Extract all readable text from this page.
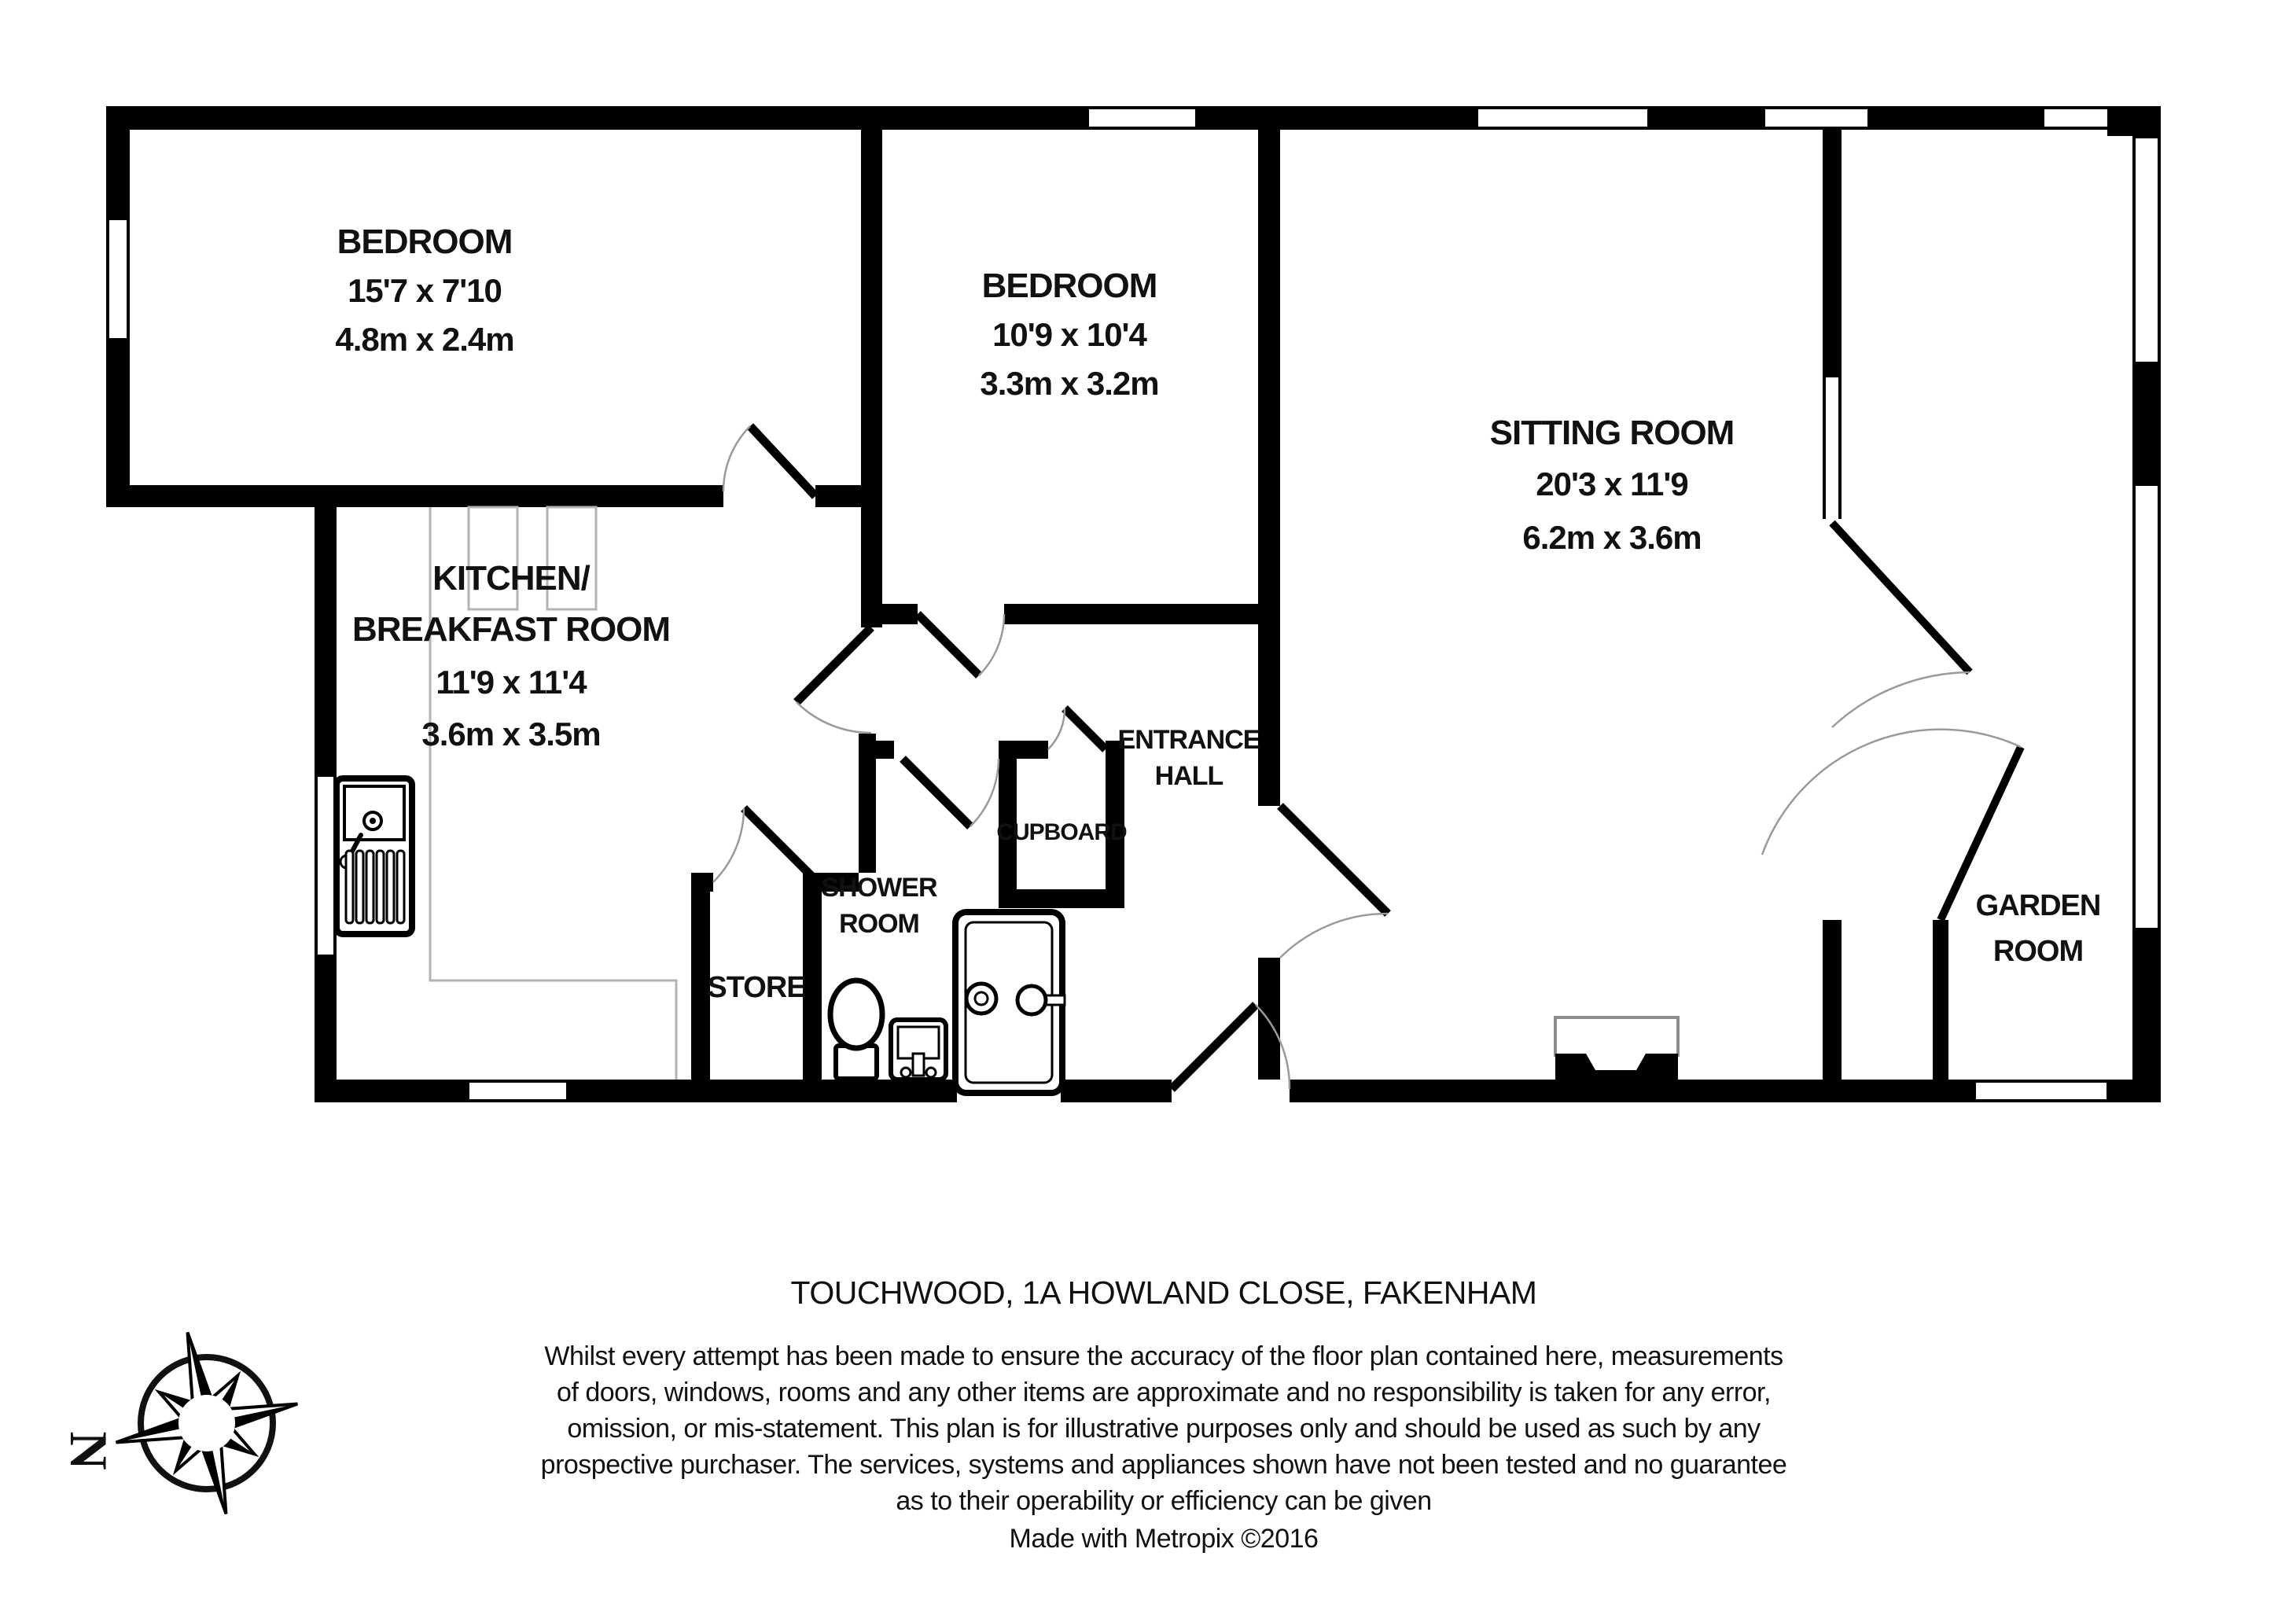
N
BEDROOM
15'7 x 7'10
4.8m x 2.4m
BEDROOM
10'9 x 10'4
3.3m x 3.2m
SITTING ROOM
20'3 x 11'9
6.2m x 3.6m
KITCHEN/
BREAKFAST ROOM
11'9 x 11'4
3.6m x 3.5m	ENTRANCE
HALL
CUPBOARD
SHOWER
ROOM
STORE
GARDEN
ROOM
TOUCHWOOD, 1A HOWLAND CLOSE, FAKENHAM
Whilst every attempt has been made to ensure the accuracy of the floor plan contained here, measurements
of doors, windows, rooms and any other items are approximate and no responsibility is taken for any error,
omission, or mis-statement. This plan is for illustrative purposes only and should be used as such by any
prospective purchaser. The services, systems and appliances shown have not been tested and no guarantee
as to their operability or efficiency can be given
Made with Metropix ©2016
